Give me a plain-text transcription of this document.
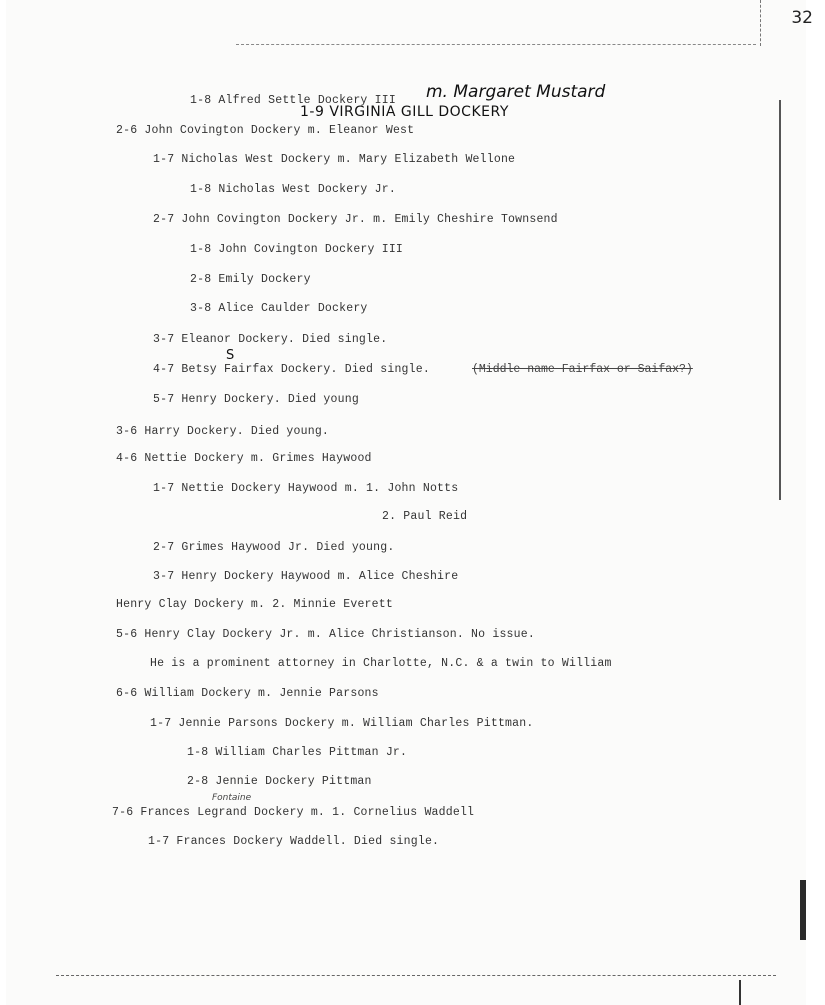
32
1-8 Alfred Settle Dockery III
2-6 John Covington Dockery m. Eleanor West
1-7 Nicholas West Dockery m. Mary Elizabeth Wellone
1-8 Nicholas West Dockery Jr.
2-7 John Covington Dockery Jr. m. Emily Cheshire Townsend
1-8 John Covington Dockery III
2-8 Emily Dockery
3-8 Alice Caulder Dockery
3-7 Eleanor Dockery. Died single.
4-7 Betsy Fairfax Dockery. Died single.
5-7 Henry Dockery. Died young
3-6 Harry Dockery. Died young.
4-6 Nettie Dockery m. Grimes Haywood
1-7 Nettie Dockery Haywood m. 1. John Notts
2. Paul Reid
2-7 Grimes Haywood Jr. Died young.
3-7 Henry Dockery Haywood m. Alice Cheshire
Henry Clay Dockery m. 2. Minnie Everett
5-6 Henry Clay Dockery Jr. m. Alice Christianson. No issue.
He is a prominent attorney in Charlotte, N.C. & a twin to William
6-6 William Dockery m. Jennie Parsons
1-7 Jennie Parsons Dockery m. William Charles Pittman.
1-8 William Charles Pittman Jr.
2-8 Jennie Dockery Pittman
7-6 Frances Legrand Dockery m. 1. Cornelius Waddell
1-7 Frances Dockery Waddell. Died single.
m. Margaret Mustard
1-9 VIRGINIA GILL DOCKERY
S
(Middle name Fairfax or Saifax?)
Fontaine
